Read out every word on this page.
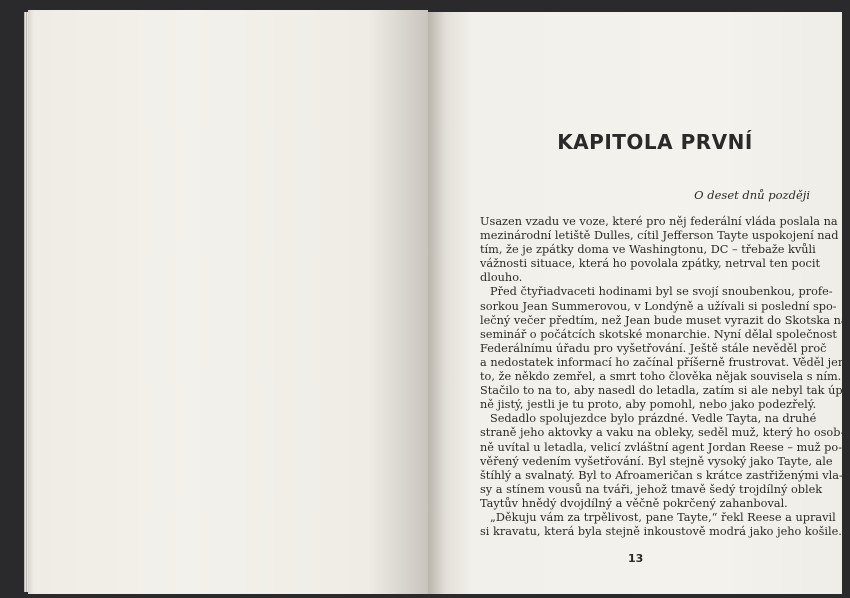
KAPITOLA PRVNÍ
O deset dnů později
Usazen vzadu ve voze, které pro něj federální vláda poslala na
mezinárodní letiště Dulles, cítil Jefferson Tayte uspokojení nad
tím, že je zpátky doma ve Washingtonu, DC – třebaže kvůli
vážnosti situace, která ho povolala zpátky, netrval ten pocit
dlouho.
Před čtyřiadvaceti hodinami byl se svojí snoubenkou, profe-
sorkou Jean Summerovou, v Londýně a užívali si poslední spo-
lečný večer předtím, než Jean bude muset vyrazit do Skotska na
seminář o počátcích skotské monarchie. Nyní dělal společnost
Federálnímu úřadu pro vyšetřování. Ještě stále nevěděl proč
a nedostatek informací ho začínal příšerně frustrovat. Věděl jen
to, že někdo zemřel, a smrt toho člověka nějak souvisela s ním.
Stačilo to na to, aby nasedl do letadla, zatím si ale nebyl tak úpl-
ně jistý, jestli je tu proto, aby pomohl, nebo jako podezřelý.
Sedadlo spolujezdce bylo prázdné. Vedle Tayta, na druhé
straně jeho aktovky a vaku na obleky, seděl muž, který ho osob-
ně uvítal u letadla, velicí zvláštní agent Jordan Reese – muž po-
věřený vedením vyšetřování. Byl stejně vysoký jako Tayte, ale
štíhlý a svalnatý. Byl to Afroameričan s krátce zastřiženými vla-
sy a stínem vousů na tváři, jehož tmavě šedý trojdílný oblek
Taytův hnědý dvojdílný a věčně pokrčený zahanboval.
„Děkuju vám za trpělivost, pane Tayte,“ řekl Reese a upravil
si kravatu, která byla stejně inkoustově modrá jako jeho košile.
13
